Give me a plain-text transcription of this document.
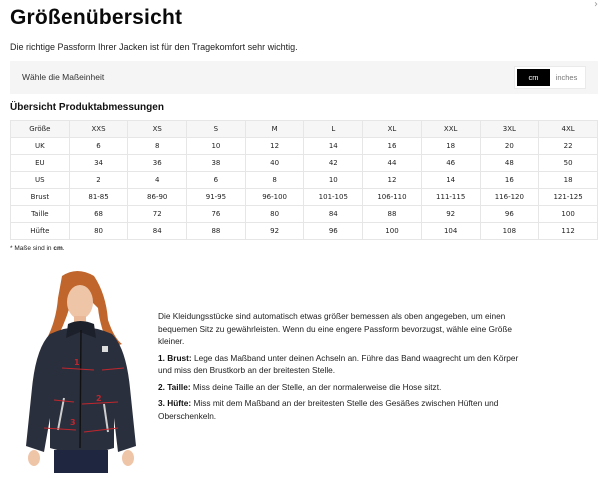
›
Größenübersicht
Die richtige Passform Ihrer Jacken ist für den Tragekomfort sehr wichtig.
Wähle die Maßeinheit	cm	inches
Übersicht Produktabmessungen
Größe	XXS	XS	S	M	L	XL	XXL	3XL	4XL
UK	6	8	10	12	14	16	18	20	22
EU	34	36	38	40	42	44	46	48	50
US	2	4	6	8	10	12	14	16	18
Brust	81-85	86-90	91-95	96-100	101-105	106-110	111-115	116-120	121-125
Taille	68	72	76	80	84	88	92	96	100
Hüfte	80	84	88	92	96	100	104	108	112
* Maße sind in cm.
1
2
3

Die Kleidungsstücke sind automatisch etwas größer bemessen als oben angegeben, um einen bequemen Sitz zu gewährleisten. Wenn du eine engere Passform bevorzugst, wähle eine Größe kleiner.

1. Brust: Lege das Maßband unter deinen Achseln an. Führe das Band waagrecht um den Körper und miss den Brustkorb an der breitesten Stelle.

2. Taille: Miss deine Taille an der Stelle, an der normalerweise die Hose sitzt.

3. Hüfte: Miss mit dem Maßband an der breitesten Stelle des Gesäßes zwischen Hüften und Oberschenkeln.
